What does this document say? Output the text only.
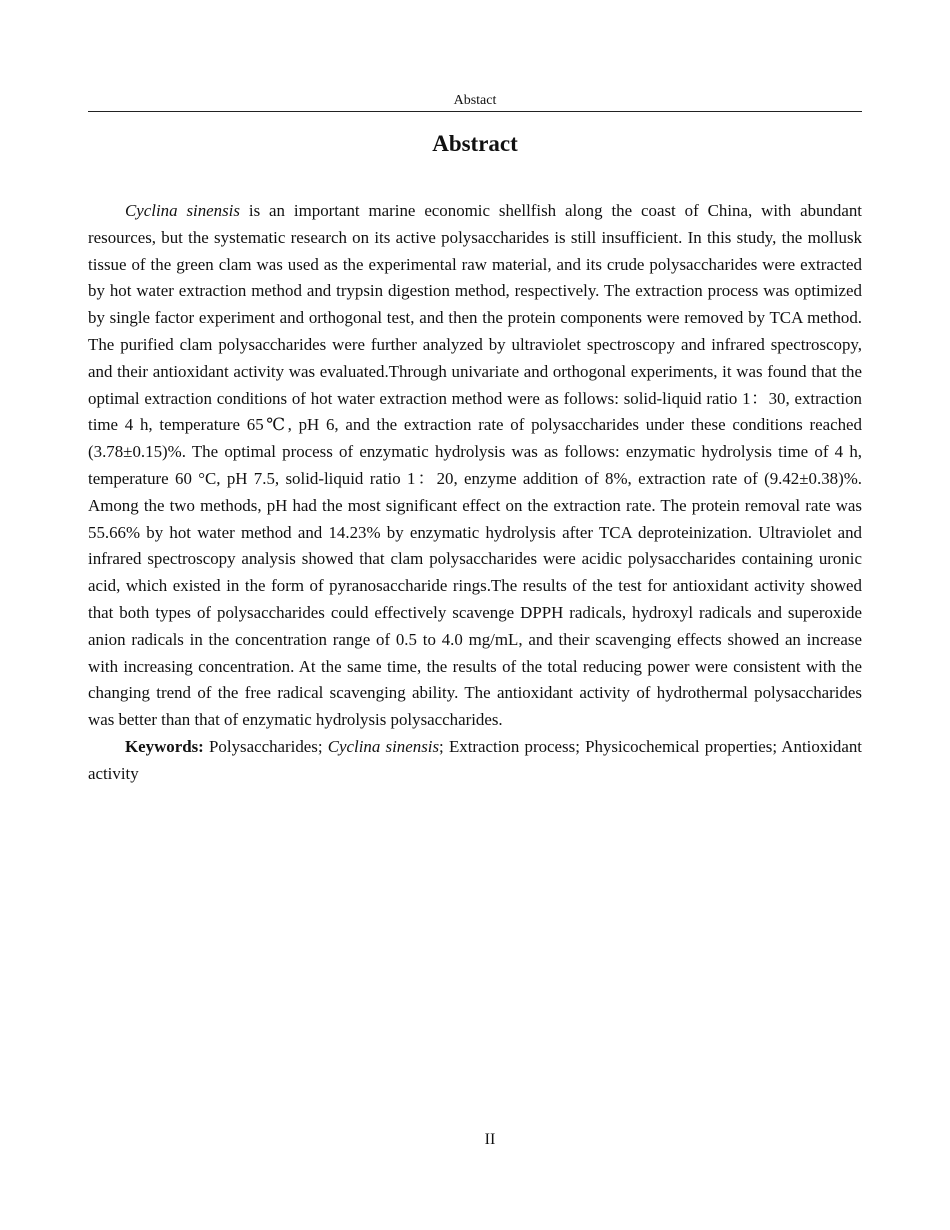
Abstact
Abstract

Cyclina sinensis is an important marine economic shellfish along the coast of China, with abundant resources, but the systematic research on its active polysaccharides is still insufficient. In this study, the mollusk tissue of the green clam was used as the experimental raw material, and its crude polysaccharides were extracted by hot water extraction method and trypsin digestion method, respectively. The extraction process was optimized by single factor experiment and orthogonal test, and then the protein components were removed by TCA method. The purified clam polysaccharides were further analyzed by ultraviolet spectroscopy and infrared spectroscopy, and their antioxidant activity was evaluated.Through univariate and orthogonal experiments, it was found that the optimal extraction conditions of hot water extraction method were as follows: solid-liquid ratio 1：30, extraction time 4 h, temperature 65℃, pH 6, and the extraction rate of polysaccharides under these conditions reached (3.78±0.15)%. The optimal process of enzymatic hydrolysis was as follows: enzymatic hydrolysis time of 4 h, temperature 60 °C, pH 7.5, solid-liquid ratio 1：20, enzyme addition of 8%, extraction rate of (9.42±0.38)%. Among the two methods, pH had the most significant effect on the extraction rate. The protein removal rate was 55.66% by hot water method and 14.23% by enzymatic hydrolysis after TCA deproteinization. Ultraviolet and infrared spectroscopy analysis showed that clam polysaccharides were acidic polysaccharides containing uronic acid, which existed in the form of pyranosaccharide rings.The results of the test for antioxidant activity showed that both types of polysaccharides could effectively scavenge DPPH radicals, hydroxyl radicals and superoxide anion radicals in the concentration range of 0.5 to 4.0 mg/mL, and their scavenging effects showed an increase with increasing concentration. At the same time, the results of the total reducing power were consistent with the changing trend of the free radical scavenging ability. The antioxidant activity of hydrothermal polysaccharides was better than that of enzymatic hydrolysis polysaccharides.

Keywords: Polysaccharides; Cyclina sinensis; Extraction process; Physicochemical properties; Antioxidant activity

II
